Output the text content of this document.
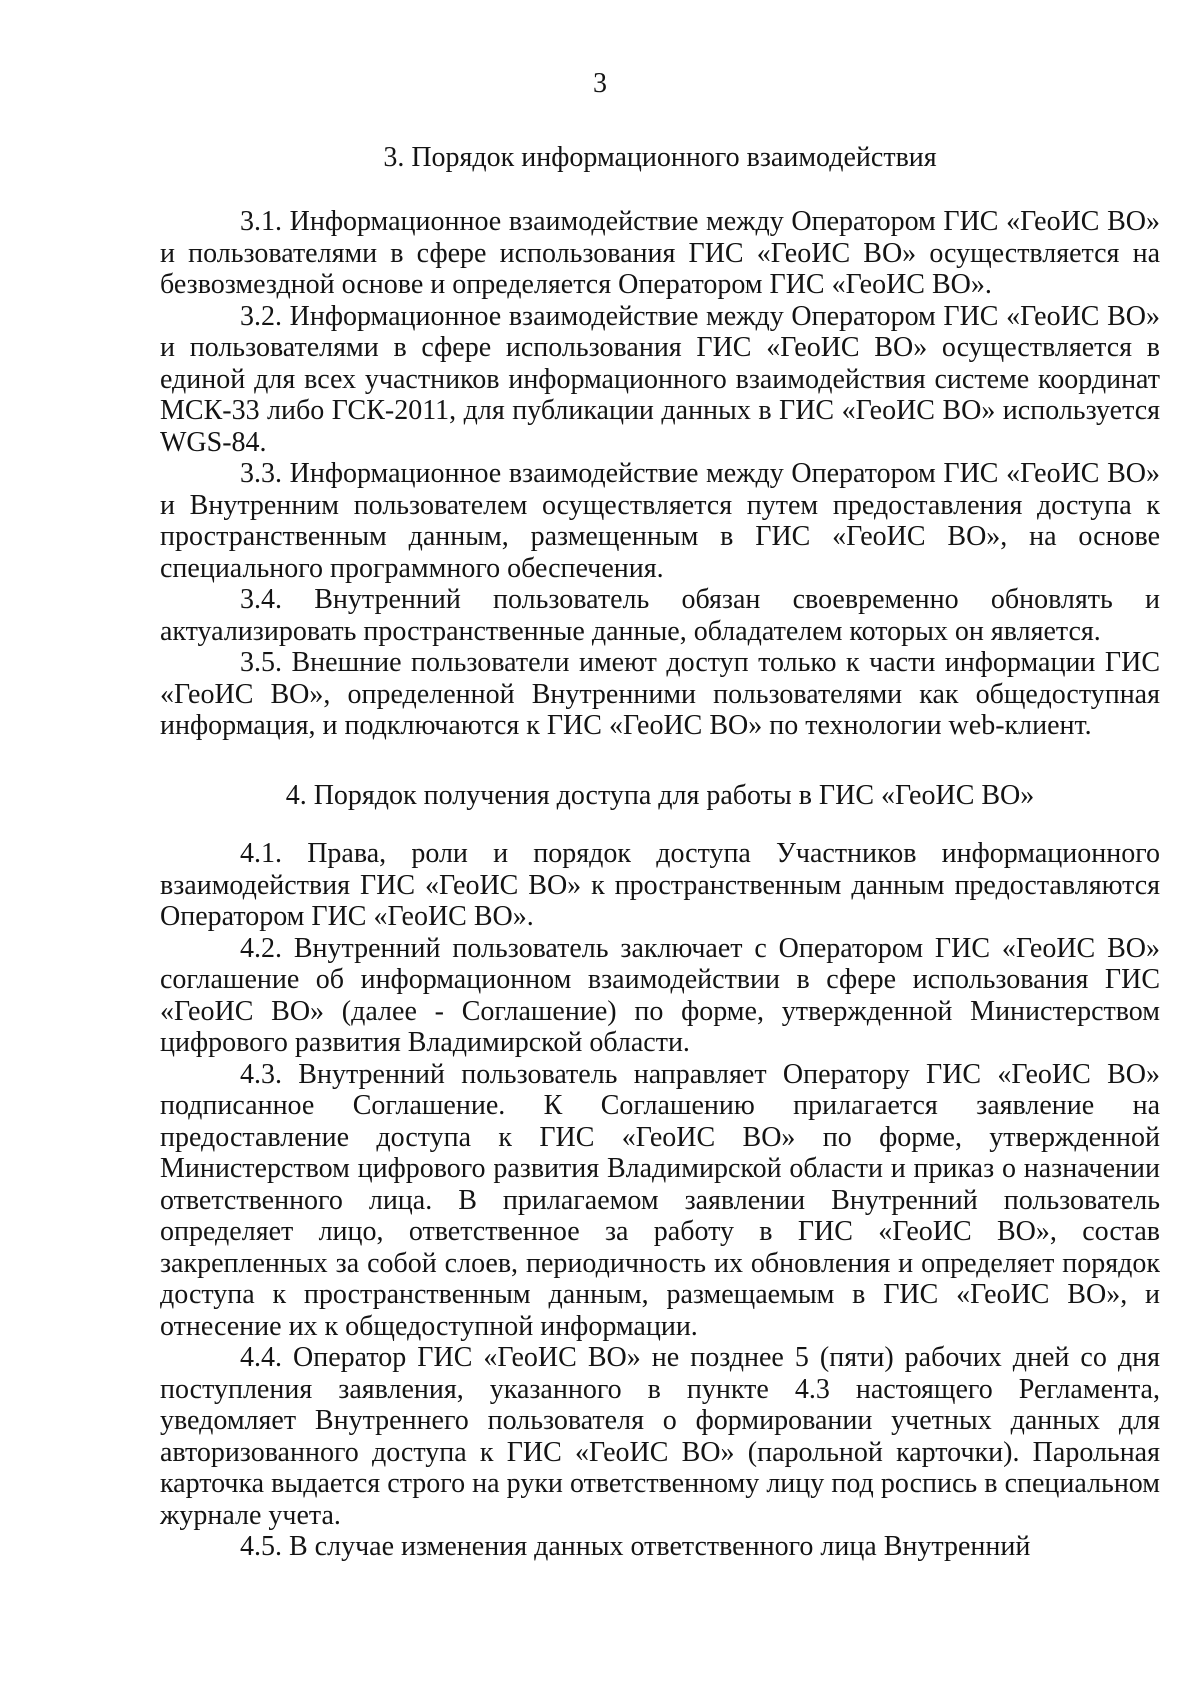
3
3. Порядок информационного взаимодействия

3.1. Информационное взаимодействие между Оператором ГИС «ГеоИС ВО» и пользователями в сфере использования ГИС «ГеоИС ВО» осуществляется на безвозмездной основе и определяется Оператором ГИС «ГеоИС ВО».

3.2. Информационное взаимодействие между Оператором ГИС «ГеоИС ВО» и пользователями в сфере использования ГИС «ГеоИС ВО» осуществляется в единой для всех участников информационного взаимодействия системе координат МСК-33 либо ГСК-2011, для публикации данных в ГИС «ГеоИС ВО» используется WGS-84.

3.3. Информационное взаимодействие между Оператором ГИС «ГеоИС ВО» и Внутренним пользователем осуществляется путем предоставления доступа к пространственным данным, размещенным в ГИС «ГеоИС ВО», на основе специального программного обеспечения.

3.4. Внутренний пользователь обязан своевременно обновлять и актуализировать пространственные данные, обладателем которых он является.

3.5. Внешние пользователи имеют доступ только к части информации ГИС «ГеоИС ВО», определенной Внутренними пользователями как общедоступная информация, и подключаются к ГИС «ГеоИС ВО» по технологии web-клиент.

4. Порядок получения доступа для работы в ГИС «ГеоИС ВО»

4.1. Права, роли и порядок доступа Участников информационного взаимодействия ГИС «ГеоИС ВО» к пространственным данным предоставляются Оператором ГИС «ГеоИС ВО».

4.2. Внутренний пользователь заключает с Оператором ГИС «ГеоИС ВО» соглашение об информационном взаимодействии в сфере использования ГИС «ГеоИС ВО» (далее - Соглашение) по форме, утвержденной Министерством цифрового развития Владимирской области.

4.3. Внутренний пользователь направляет Оператору ГИС «ГеоИС ВО» подписанное Соглашение. К Соглашению прилагается заявление на предоставление доступа к ГИС «ГеоИС ВО» по форме, утвержденной Министерством цифрового развития Владимирской области и приказ о назначении ответственного лица. В прилагаемом заявлении Внутренний пользователь определяет лицо, ответственное за работу в ГИС «ГеоИС ВО», состав закрепленных за собой слоев, периодичность их обновления и определяет порядок доступа к пространственным данным, размещаемым в ГИС «ГеоИС ВО», и отнесение их к общедоступной информации.

4.4. Оператор ГИС «ГеоИС ВО» не позднее 5 (пяти) рабочих дней со дня поступления заявления, указанного в пункте 4.3 настоящего Регламента, уведомляет Внутреннего пользователя о формировании учетных данных для авторизованного доступа к ГИС «ГеоИС ВО» (парольной карточки). Парольная карточка выдается строго на руки ответственному лицу под роспись в специальном журнале учета.

4.5. В случае изменения данных ответственного лица Внутренний
